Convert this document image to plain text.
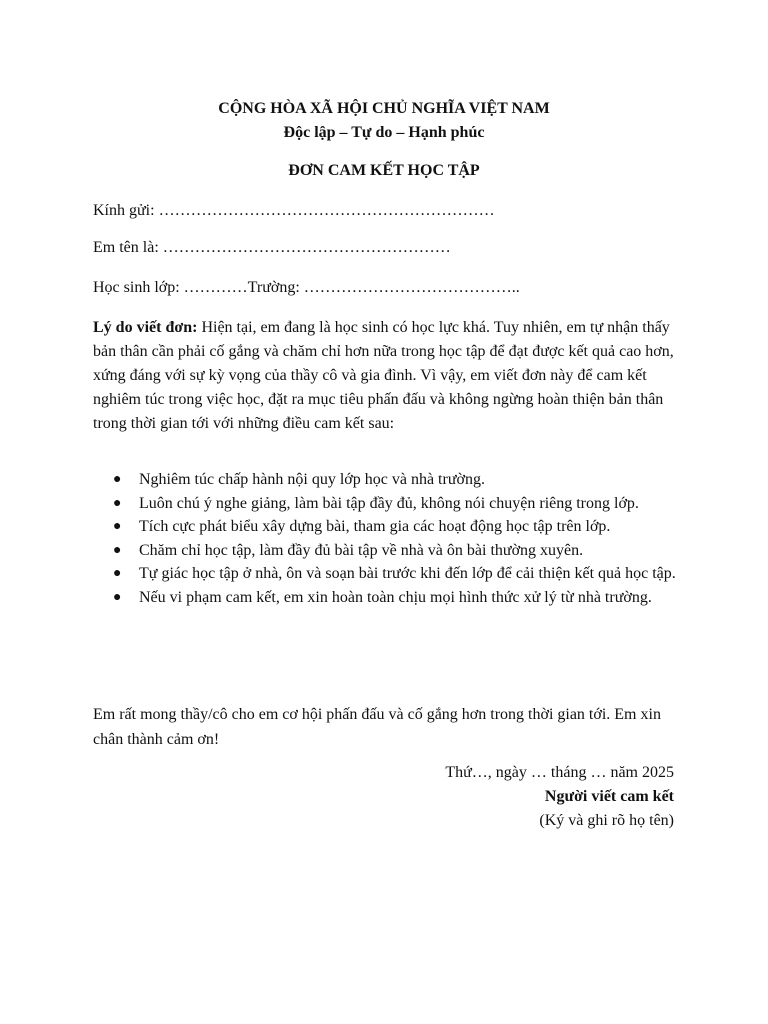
CỘNG HÒA XÃ HỘI CHỦ NGHĨA VIỆT NAM
Độc lập – Tự do – Hạnh phúc
ĐƠN CAM KẾT HỌC TẬP
Kính gửi: ………………………………………………………
Em tên là: ………………………………………………
Học sinh lớp: …………Trường: …………………………………..
Lý do viết đơn: Hiện tại, em đang là học sinh có học lực khá. Tuy nhiên, em tự nhận thấy bản thân cần phải cố gắng và chăm chỉ hơn nữa trong học tập để đạt được kết quả cao hơn, xứng đáng với sự kỳ vọng của thầy cô và gia đình. Vì vậy, em viết đơn này để cam kết nghiêm túc trong việc học, đặt ra mục tiêu phấn đấu và không ngừng hoàn thiện bản thân trong thời gian tới với những điều cam kết sau:
● Nghiêm túc chấp hành nội quy lớp học và nhà trường.
● Luôn chú ý nghe giảng, làm bài tập đầy đủ, không nói chuyện riêng trong lớp.
● Tích cực phát biểu xây dựng bài, tham gia các hoạt động học tập trên lớp.
● Chăm chỉ học tập, làm đầy đủ bài tập về nhà và ôn bài thường xuyên.
● Tự giác học tập ở nhà, ôn và soạn bài trước khi đến lớp để cải thiện kết quả học tập.
● Nếu vi phạm cam kết, em xin hoàn toàn chịu mọi hình thức xử lý từ nhà trường.
Em rất mong thầy/cô cho em cơ hội phấn đấu và cố gắng hơn trong thời gian tới. Em xin chân thành cảm ơn!
Thứ…, ngày … tháng … năm 2025
Người viết cam kết
(Ký và ghi rõ họ tên)
